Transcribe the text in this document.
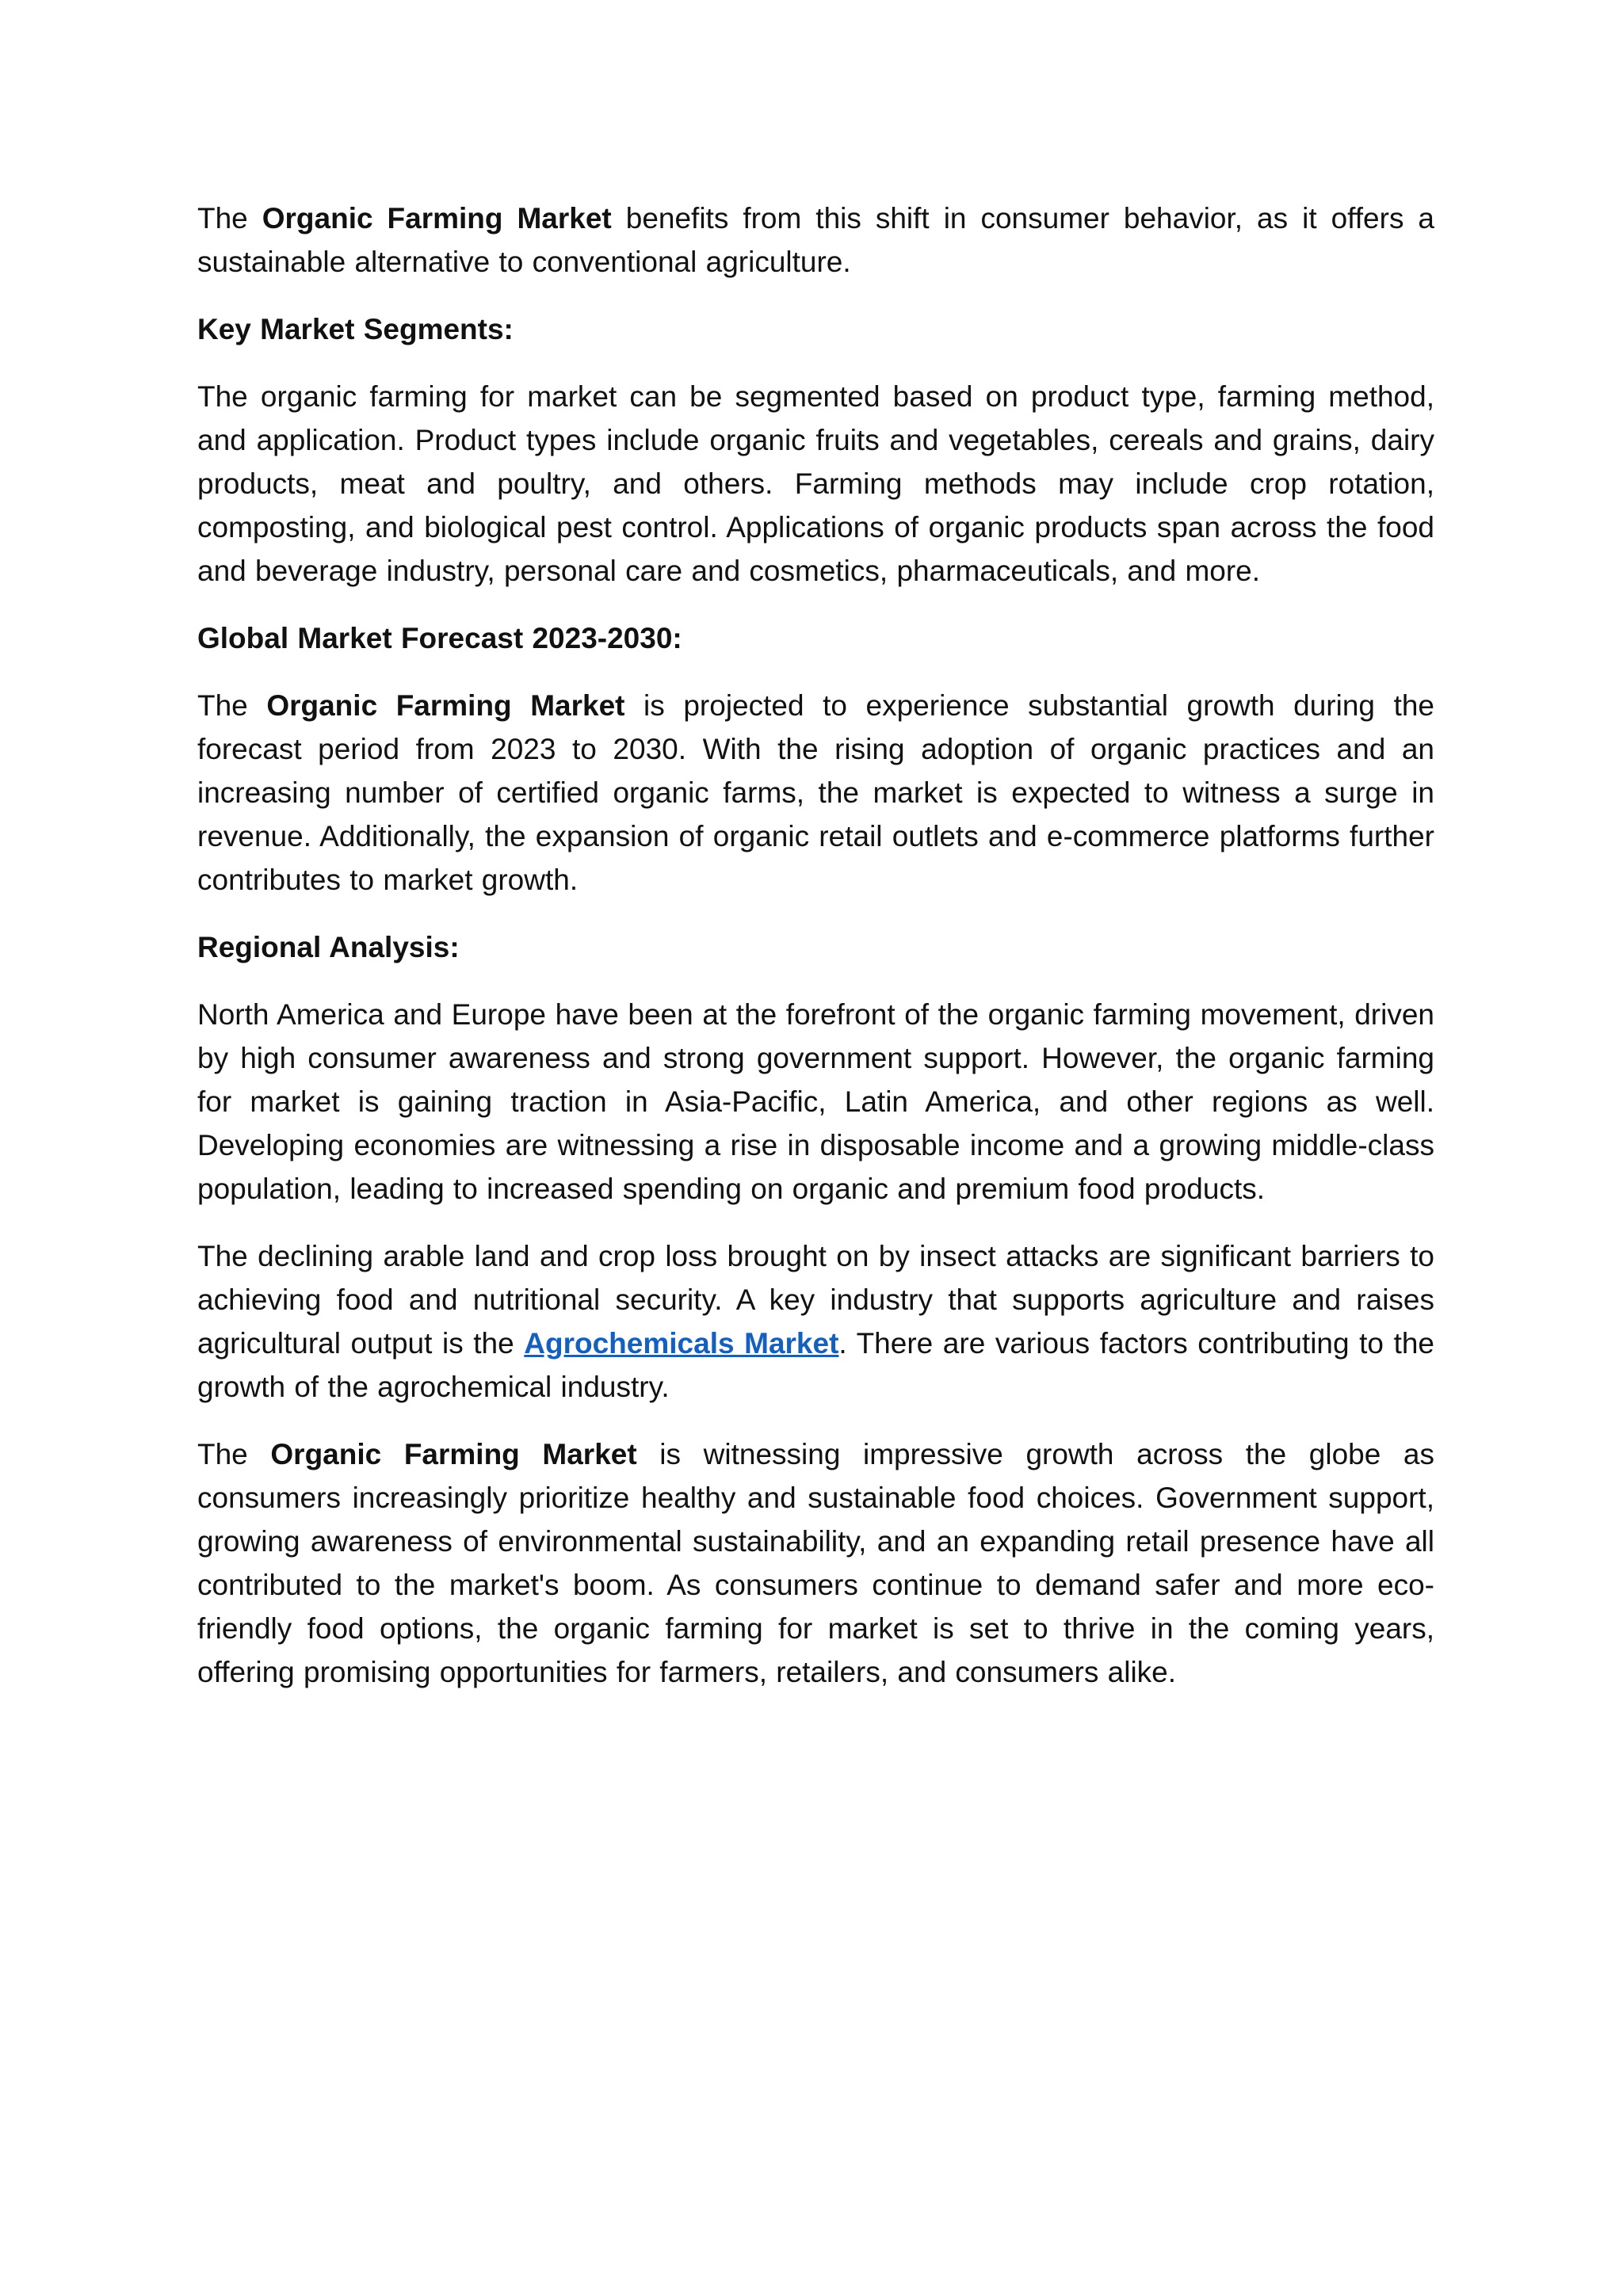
The Organic Farming Market benefits from this shift in consumer behavior, as it offers a sustainable alternative to conventional agriculture.

Key Market Segments:

The organic farming for market can be segmented based on product type, farming method, and application. Product types include organic fruits and vegetables, cereals and grains, dairy products, meat and poultry, and others. Farming methods may include crop rotation, composting, and biological pest control. Applications of organic products span across the food and beverage industry, personal care and cosmetics, pharmaceuticals, and more.

Global Market Forecast 2023-2030:

The Organic Farming Market is projected to experience substantial growth during the forecast period from 2023 to 2030. With the rising adoption of organic practices and an increasing number of certified organic farms, the market is expected to witness a surge in revenue. Additionally, the expansion of organic retail outlets and e-commerce platforms further contributes to market growth.

Regional Analysis:

North America and Europe have been at the forefront of the organic farming movement, driven by high consumer awareness and strong government support. However, the organic farming for market is gaining traction in Asia-Pacific, Latin America, and other regions as well. Developing economies are witnessing a rise in disposable income and a growing middle-class population, leading to increased spending on organic and premium food products.

The declining arable land and crop loss brought on by insect attacks are significant barriers to achieving food and nutritional security. A key industry that supports agriculture and raises agricultural output is the Agrochemicals Market. There are various factors contributing to the growth of the agrochemical industry.

The Organic Farming Market is witnessing impressive growth across the globe as consumers increasingly prioritize healthy and sustainable food choices. Government support, growing awareness of environmental sustainability, and an expanding retail presence have all contributed to the market's boom. As consumers continue to demand safer and more eco-friendly food options, the organic farming for market is set to thrive in the coming years, offering promising opportunities for farmers, retailers, and consumers alike.
